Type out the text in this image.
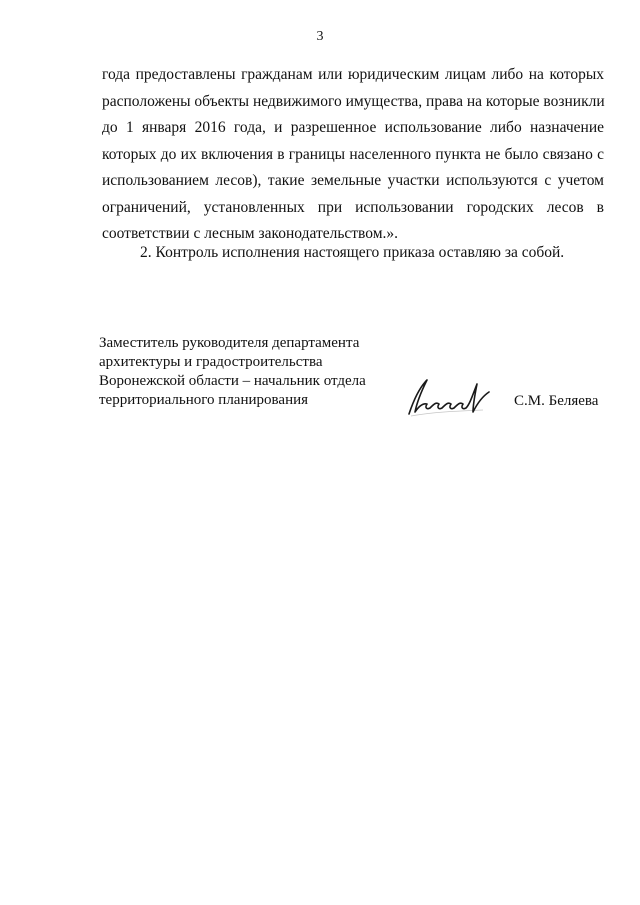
3
года предоставлены гражданам или юридическим лицам либо на которых
расположены объекты недвижимого имущества, права на которые возникли
до 1 января 2016 года, и разрешенное использование либо назначение
которых до их включения в границы населенного пункта не было связано с
использованием лесов), такие земельные участки используются с учетом
ограничений, установленных при использовании городских лесов в
соответствии с лесным законодательством.».
2. Контроль исполнения настоящего приказа оставляю за собой.
Заместитель руководителя департамента
архитектуры и градостроительства
Воронежской области – начальник отдела
территориального планирования	С.М. Беляева
